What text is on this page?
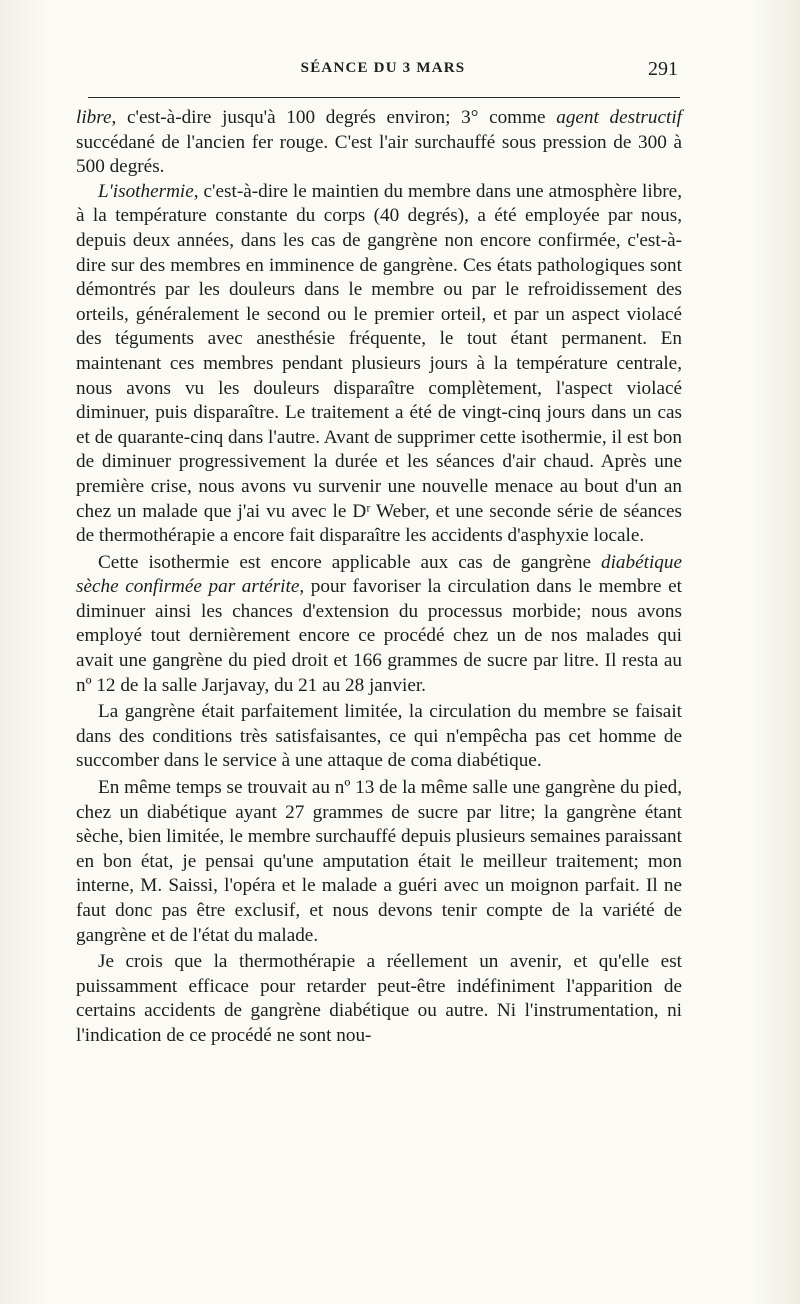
SÉANCE DU 3 MARS	291

libre, c'est-à-dire jusqu'à 100 degrés environ; 3° comme agent destructif succédané de l'ancien fer rouge. C'est l'air surchauffé sous pression de 300 à 500 degrés.

L'isothermie, c'est-à-dire le maintien du membre dans une atmosphère libre, à la température constante du corps (40 degrés), a été employée par nous, depuis deux années, dans les cas de gangrène non encore confirmée, c'est-à-dire sur des membres en imminence de gangrène. Ces états pathologiques sont démontrés par les douleurs dans le membre ou par le refroidissement des orteils, généralement le second ou le premier orteil, et par un aspect violacé des téguments avec anesthésie fréquente, le tout étant permanent. En maintenant ces membres pendant plusieurs jours à la température centrale, nous avons vu les douleurs disparaître complètement, l'aspect violacé diminuer, puis disparaître. Le traitement a été de vingt-cinq jours dans un cas et de quarante-cinq dans l'autre. Avant de supprimer cette isothermie, il est bon de diminuer progressivement la durée et les séances d'air chaud. Après une première crise, nous avons vu survenir une nouvelle menace au bout d'un an chez un malade que j'ai vu avec le Dʳ Weber, et une seconde série de séances de thermothérapie a encore fait disparaître les accidents d'asphyxie locale.

Cette isothermie est encore applicable aux cas de gangrène diabétique sèche confirmée par artérite, pour favoriser la circulation dans le membre et diminuer ainsi les chances d'extension du processus morbide; nous avons employé tout dernièrement encore ce procédé chez un de nos malades qui avait une gangrène du pied droit et 166 grammes de sucre par litre. Il resta au nº 12 de la salle Jarjavay, du 21 au 28 janvier.

La gangrène était parfaitement limitée, la circulation du membre se faisait dans des conditions très satisfaisantes, ce qui n'empêcha pas cet homme de succomber dans le service à une attaque de coma diabétique.

En même temps se trouvait au nº 13 de la même salle une gangrène du pied, chez un diabétique ayant 27 grammes de sucre par litre; la gangrène étant sèche, bien limitée, le membre surchauffé depuis plusieurs semaines paraissant en bon état, je pensai qu'une amputation était le meilleur traitement; mon interne, M. Saissi, l'opéra et le malade a guéri avec un moignon parfait. Il ne faut donc pas être exclusif, et nous devons tenir compte de la variété de gangrène et de l'état du malade.

Je crois que la thermothérapie a réellement un avenir, et qu'elle est puissamment efficace pour retarder peut-être indéfiniment l'apparition de certains accidents de gangrène diabétique ou autre. Ni l'instrumentation, ni l'indication de ce procédé ne sont nou-
